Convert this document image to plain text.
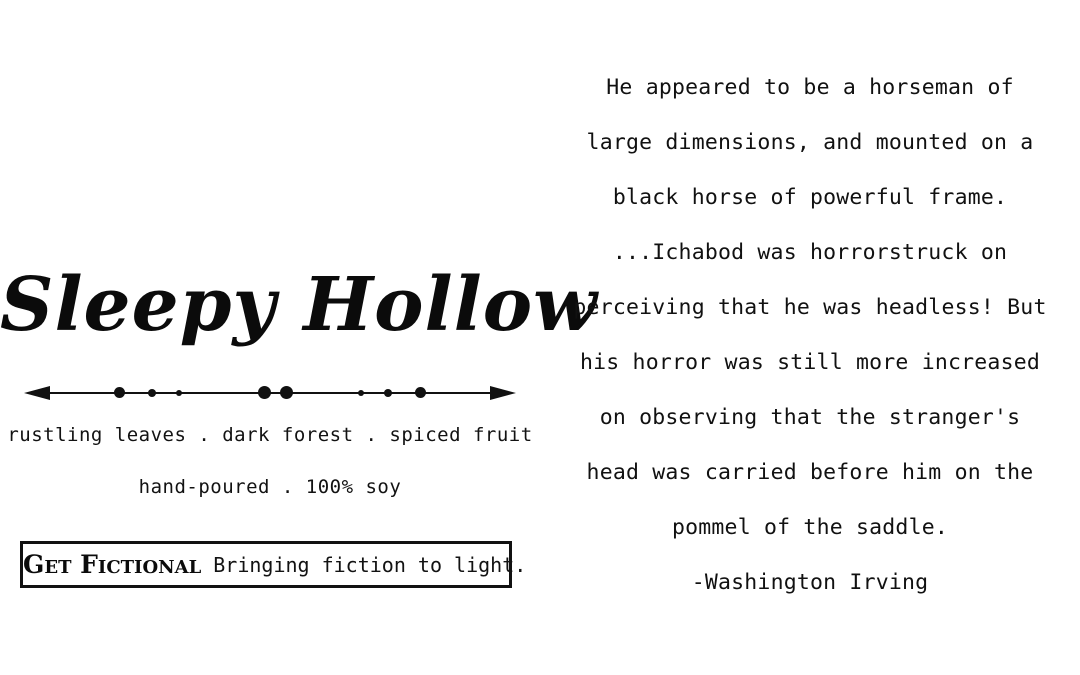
Sleepy Hollow
rustling leaves . dark forest . spiced fruit
hand-poured . 100% soy
Get Fictional Bringing fiction to light.
He appeared to be a horseman of
large dimensions, and mounted on a
black horse of powerful frame.
...Ichabod was horrorstruck on
perceiving that he was headless! But
his horror was still more increased
on observing that the stranger's
head was carried before him on the
pommel of the saddle.
-Washington Irving
